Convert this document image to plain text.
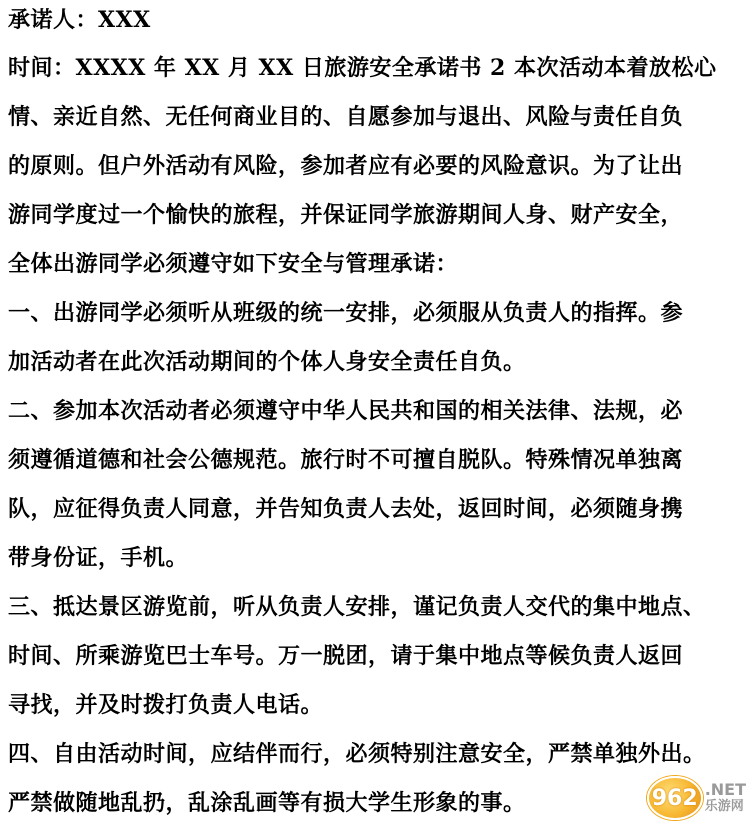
承诺人：XXX
时间：XXXX 年 XX 月 XX 日旅游安全承诺书 2 本次活动本着放松心
情、亲近自然、无任何商业目的、自愿参加与退出、风险与责任自负
的原则。但户外活动有风险，参加者应有必要的风险意识。为了让出
游同学度过一个愉快的旅程，并保证同学旅游期间人身、财产安全，
全体出游同学必须遵守如下安全与管理承诺：
一、出游同学必须听从班级的统一安排，必须服从负责人的指挥。参
加活动者在此次活动期间的个体人身安全责任自负。
二、参加本次活动者必须遵守中华人民共和国的相关法律、法规，必
须遵循道德和社会公德规范。旅行时不可擅自脱队。特殊情况单独离
队，应征得负责人同意，并告知负责人去处，返回时间，必须随身携
带身份证，手机。
三、抵达景区游览前，听从负责人安排，谨记负责人交代的集中地点、
时间、所乘游览巴士车号。万一脱团，请于集中地点等候负责人返回
寻找，并及时拨打负责人电话。
四、自由活动时间，应结伴而行，必须特别注意安全，严禁单独外出。
严禁做随地乱扔，乱涂乱画等有损大学生形象的事。	962 .NET
乐游网
